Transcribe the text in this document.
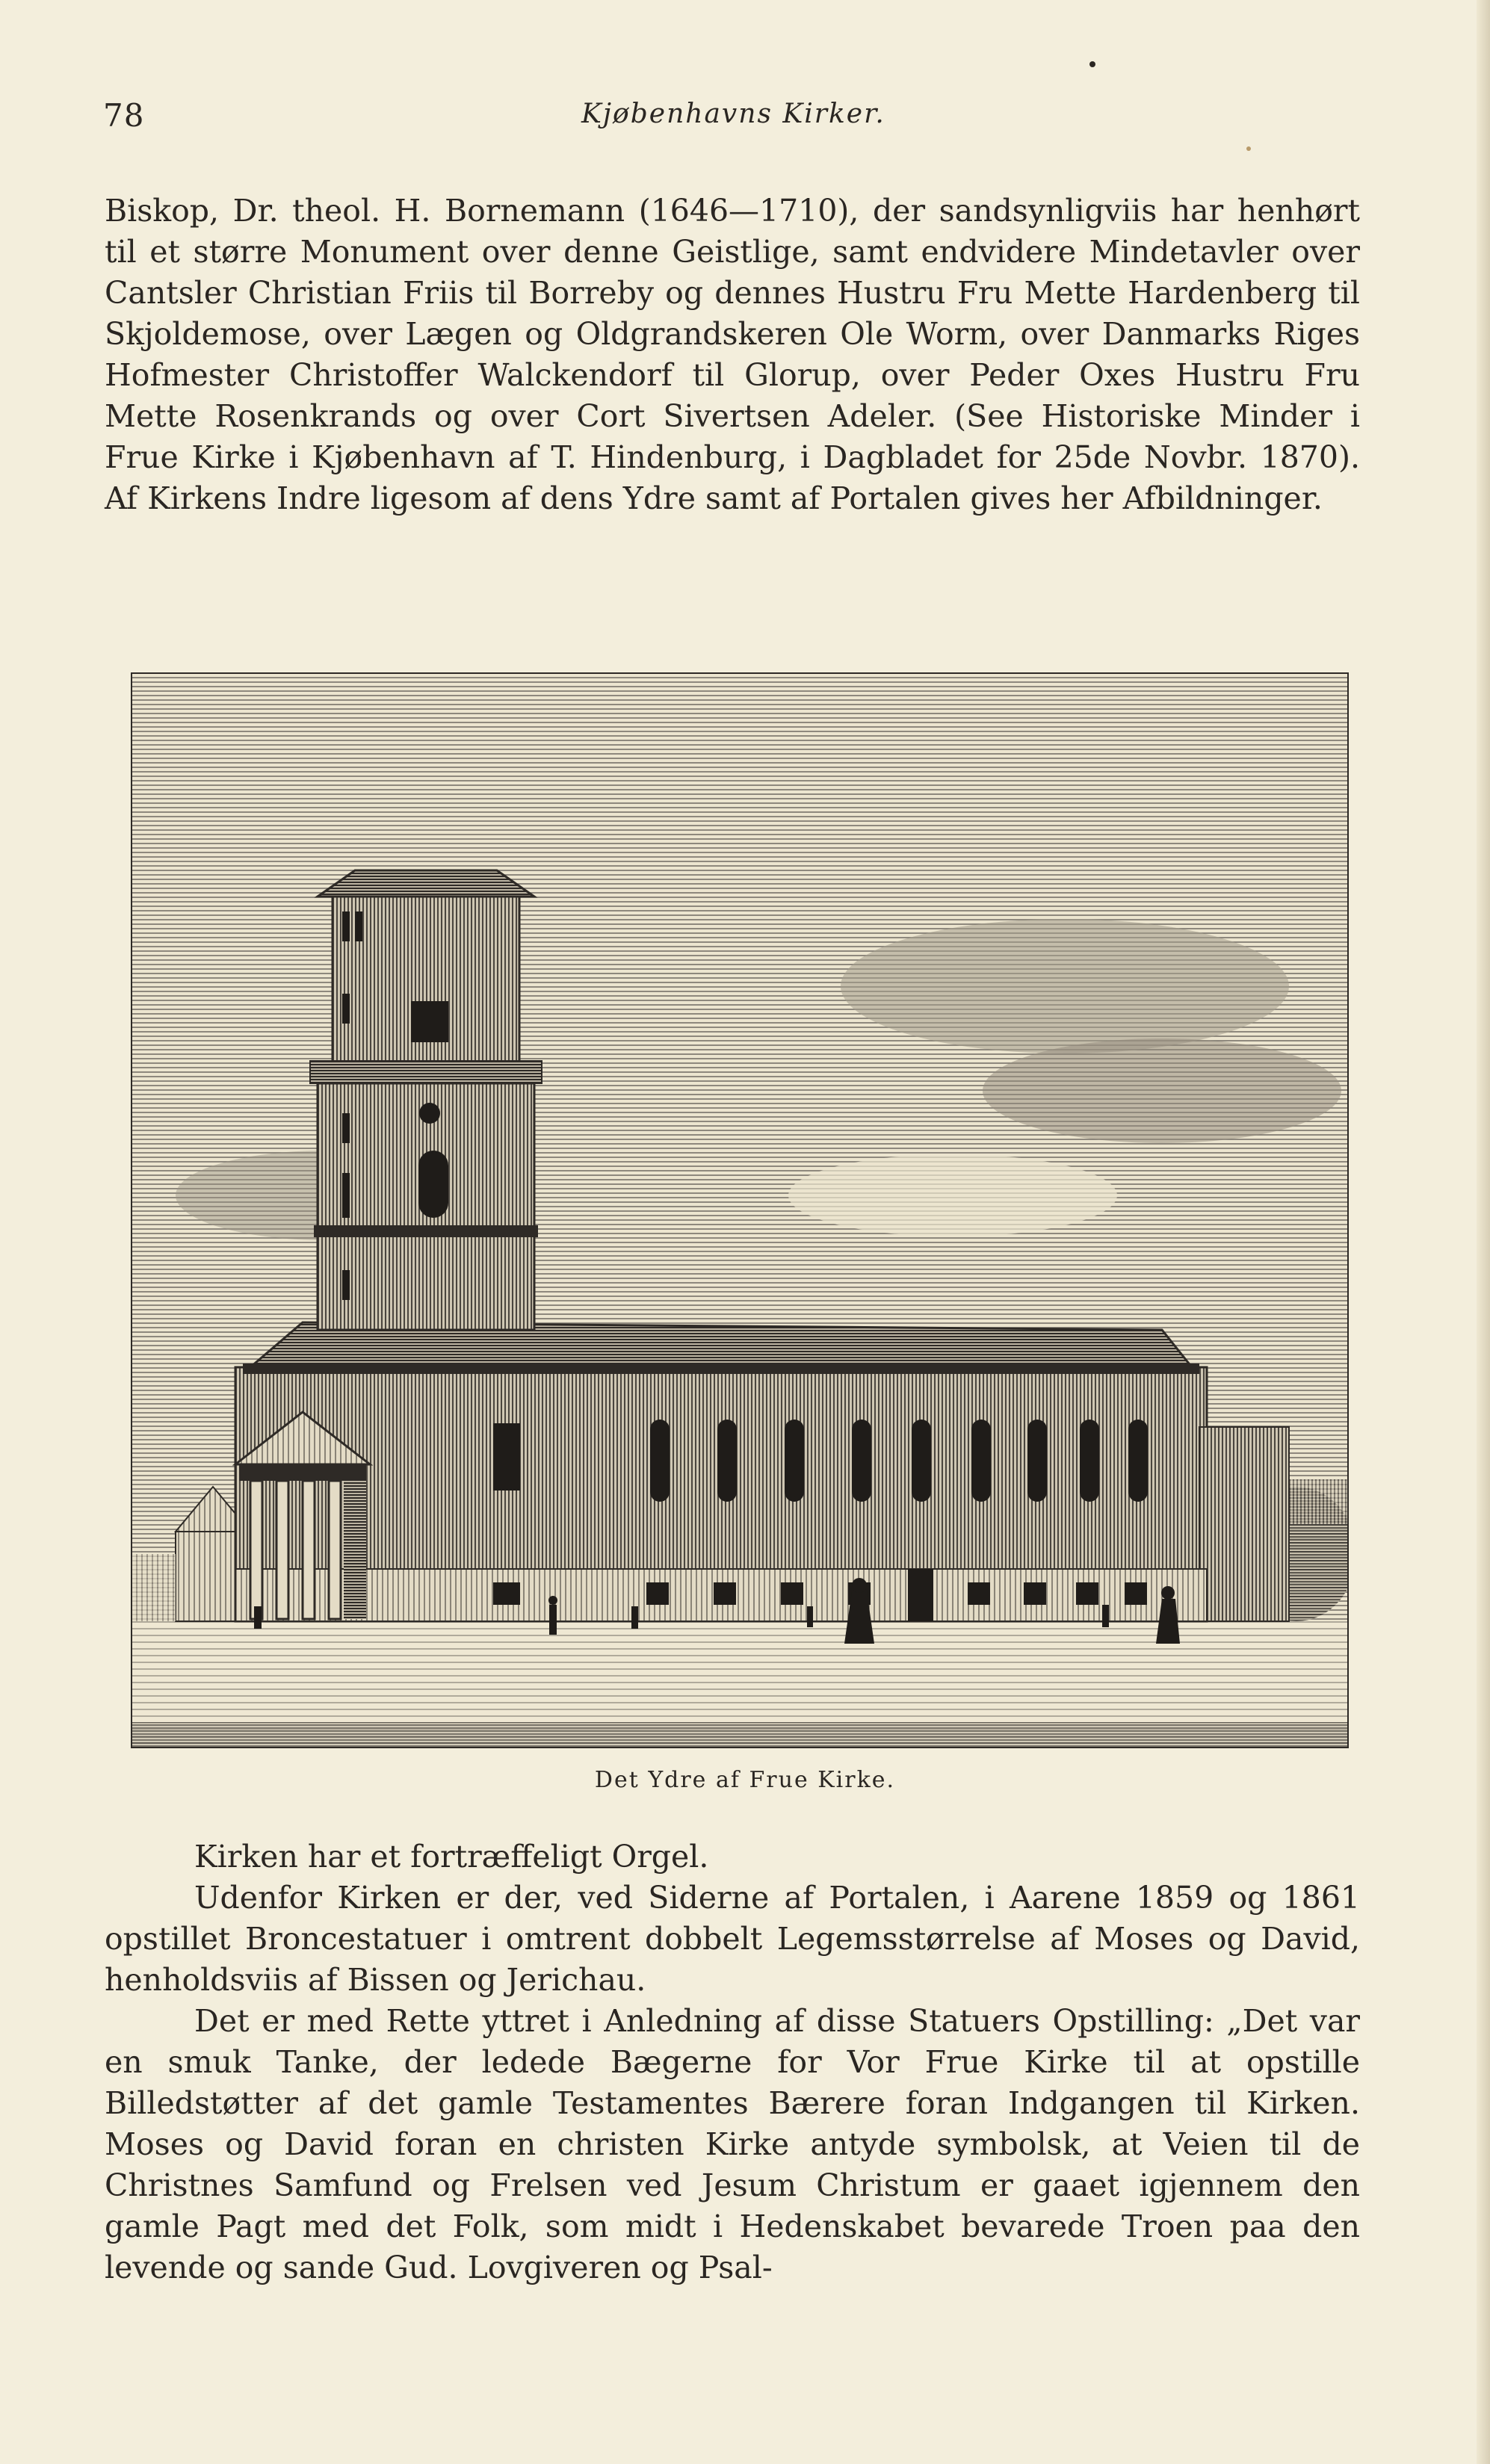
78	Kjøbenhavns Kirker.

Biskop, Dr. theol. H. Bornemann (1646—1710), der sandsynligviis har henhørt til et større Monument over denne Geistlige, samt endvidere Mindetavler over Cantsler Christian Friis til Borreby og dennes Hustru Fru Mette Hardenberg til Skjoldemose, over Lægen og Oldgrandskeren Ole Worm, over Danmarks Riges Hofmester Christoffer Walckendorf til Glorup, over Peder Oxes Hustru Fru Mette Rosenkrands og over Cort Sivertsen Adeler. (See Historiske Minder i Frue Kirke i Kjøbenhavn af T. Hindenburg, i Dagbladet for 25de Novbr. 1870). Af Kirkens Indre ligesom af dens Ydre samt af Portalen gives her Afbildninger.

Det Ydre af Frue Kirke.

Kirken har et fortræffeligt Orgel.

Udenfor Kirken er der, ved Siderne af Portalen, i Aarene 1859 og 1861 opstillet Broncestatuer i omtrent dobbelt Legemsstørrelse af Moses og David, henholdsviis af Bissen og Jerichau.

Det er med Rette yttret i Anledning af disse Statuers Opstilling: „Det var en smuk Tanke, der ledede Bægerne for Vor Frue Kirke til at opstille Billedstøtter af det gamle Testamentes Bærere foran Indgangen til Kirken. Moses og David foran en christen Kirke antyde symbolsk, at Veien til de Christnes Samfund og Frelsen ved Jesum Christum er gaaet igjennem den gamle Pagt med det Folk, som midt i Hedenskabet bevarede Troen paa den levende og sande Gud. Lovgiveren og Psal-
